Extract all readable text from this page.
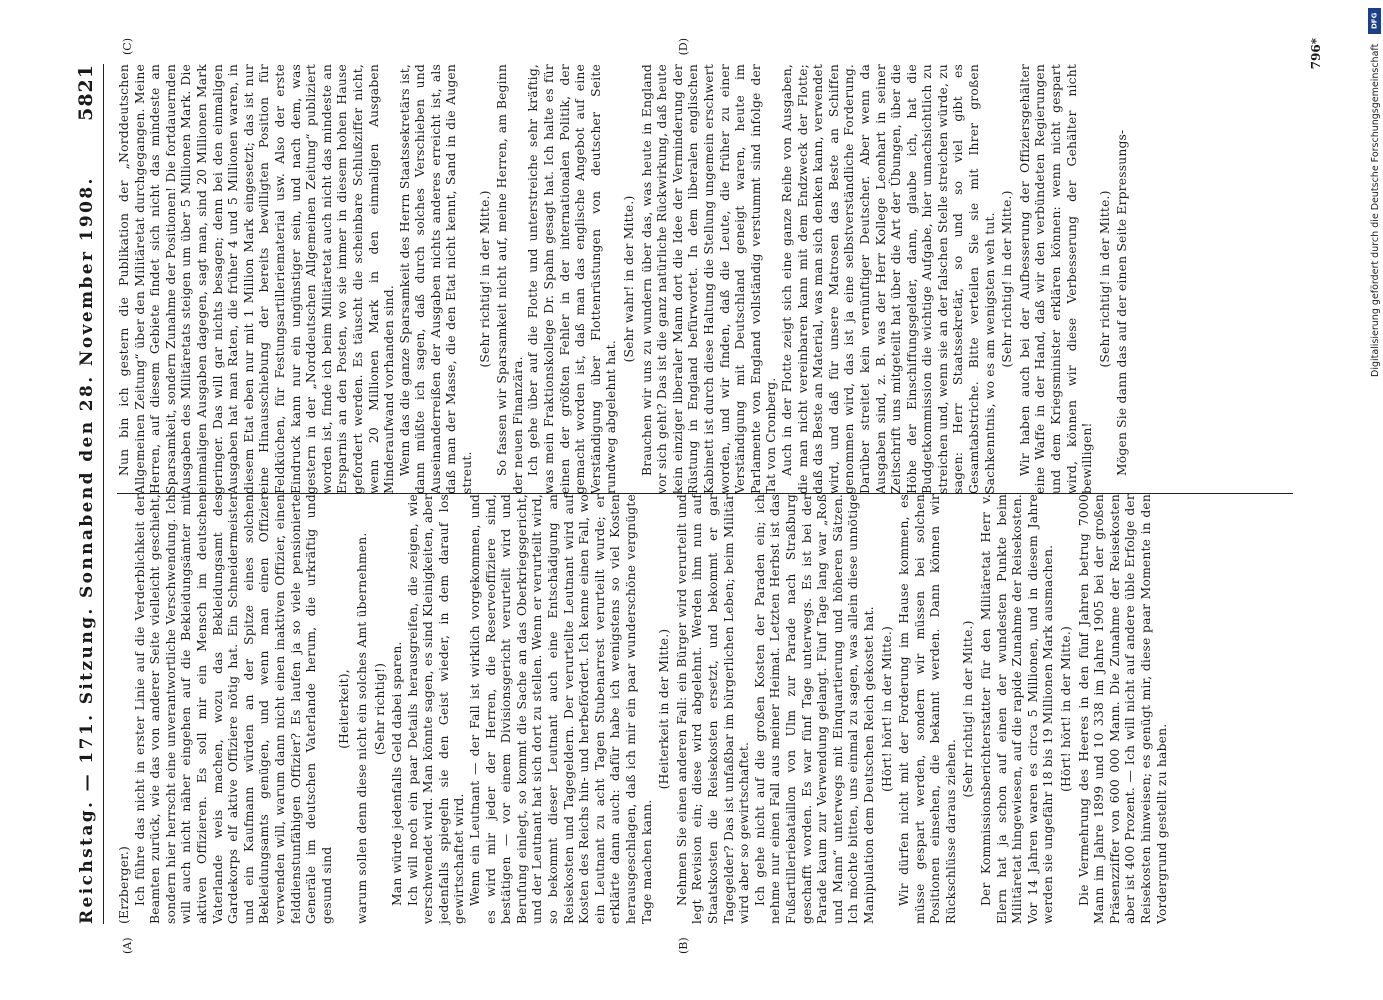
Reichstag. — 171. Sitzung. Sonnabend den 28. November 1908.
5821
(A)	(B)
(C)	(D)

(Erzberger.) Ich führe das nicht in erster Linie auf die Verderblichkeit der Beamten zurück, wie das von anderer Seite vielleicht geschieht, sondern hier herrscht eine unverantwortliche Verschwendung. Ich will auch nicht näher eingehen auf die Bekleidungsämter mit aktiven Offizieren. Es soll mir ein Mensch im deutschen Vaterlande weis machen, wozu das Bekleidungsamt des Gardekorps elf aktive Offiziere nötig hat. Ein Schneidermeister und ein Kaufmann würden an der Spitze eines solchen Bekleidungsamts genügen, und wenn man einen Offizier verwenden will, warum dann nicht einen inaktiven Offizier, einen felddienstunfähigen Offizier? Es laufen ja so viele pensionierte Generäle im deutschen Vaterlande herum, die urkräftig und gesund sind

(Heiterkeit), warum sollen denn diese nicht ein solches Amt übernehmen. (Sehr richtig!) Man würde jedenfalls Geld dabei sparen. Ich will noch ein paar Details herausgreifen, die zeigen, wie verschwendet wird. Man könnte sagen, es sind Kleinigkeiten, aber jedenfalls spiegeln sie den Geist wieder, in dem darauf los gewirtschaftet wird. Wenn ein Leutnant — der Fall ist wirklich vorgekommen, und es wird mir jeder der Herren, die Reserveoffiziere sind, bestätigen — vor einem Divisionsgericht verurteilt wird und Berufung einlegt, so kommt die Sache an das Oberkriegsgericht, und der Leutnant hat sich dort zu stellen. Wenn er verurteilt wird, so bekommt dieser Leutnant auch eine Entschädigung an Reisekosten und Tagegeldern. Der verurteilte Leutnant wird auf Kosten des Reichs hin- und herbefördert. Ich kenne einen Fall, wo ein Leutnant zu acht Tagen Stubenarrest verurteilt wurde; er erklärte dann auch: dafür habe ich wenigstens so viel Kosten herausgeschlagen, daß ich mir ein paar wunderschöne vergnügte Tage machen kann.

(Heiterkeit in der Mitte.) Nehmen Sie einen anderen Fall: ein Bürger wird verurteilt und legt Revision ein; diese wird abgelehnt. Werden ihm nun auf Staatskosten die Reisekosten ersetzt, und bekommt er gar Tagegelder? Das ist unfaßbar im bürgerlichen Leben; beim Militär wird aber so gewirtschaftet. Ich gehe nicht auf die großen Kosten der Paraden ein; ich nehme nur einen Fall aus meiner Heimat. Letzten Herbst ist das Fußartilleriebataillon von Ulm zur Parade nach Straßburg geschafft worden. Es war fünf Tage unterwegs. Es ist bei der Parade kaum zur Verwendung gelangt. Fünf Tage lang war „Roß und Mann“ unterwegs mit Einquartierung und höheren Sätzen. Ich möchte bitten, uns einmal zu sagen, was allein diese unnötige Manipulation dem Deutschen Reich gekostet hat. (Hört! hört! in der Mitte.) Wir dürfen nicht mit der Forderung im Hause kommen, es müsse gespart werden, sondern wir müssen bei solchen Positionen einsehen, die bekannt werden. Dann können wir Rückschlüsse daraus ziehen.

(Sehr richtig! in der Mitte.) Der Kommissionsberichterstatter für den Militäretat Herr v. Elern hat ja schon auf einen der wundesten Punkte beim Militäretat hingewiesen, auf die rapide Zunahme der Reisekosten. Vor 14 Jahren waren es circa 5 Millionen, und in diesem Jahre werden sie ungefähr 18 bis 19 Millionen Mark ausmachen. (Hört! hört! in der Mitte.) Die Vermehrung des Heeres in den fünf Jahren betrug 7000 Mann im Jahre 1899 und 10 338 im Jahre 1905 bei der großen Präsenzziffer von 600 000 Mann. Die Zunahme der Reisekosten aber ist 400 Prozent. — Ich will nicht auf andere üble Erfolge der Reisekosten hinweisen; es genügt mir, diese paar Momente in den Vordergrund gestellt zu haben.

Nun bin ich gestern die Publikation der „Norddeutschen Allgemeinen Zeitung“ über den Militäretat durchgegangen. Meine Herren, auf diesem Gebiete findet sich nicht das mindeste an Sparsamkeit, sondern Zunahme der Positionen! Die fortdauernden Ausgaben des Militäretats steigen um über 5 Millionen Mark. Die einmaligen Ausgaben dagegen, sagt man, sind 20 Millionen Mark geringer. Das will gar nichts besagen; denn bei den einmaligen Ausgaben hat man Raten, die früher 4 und 5 Millionen waren, in diesem Etat eben nur mit 1 Million Mark eingesetzt; das ist nur eine Hinausschiebung der bereits bewilligten Position für Feldküchen, für Festungsartilleriematerial usw. Also der erste Eindruck kann nur ein ungünstiger sein, und nach dem, was gestern in der „Norddeutschen Allgemeinen Zeitung“ publiziert worden ist, finde ich beim Militäretat auch nicht das mindeste an Ersparnis an den Posten, wo sie immer in diesem hohen Hause gefordert werden. Es täuscht die scheinbare Schlußziffer nicht, wenn 20 Millionen Mark in den einmaligen Ausgaben Minderaufwand vorhanden sind. Wenn das die ganze Sparsamkeit des Herrn Staatssekretärs ist, dann müßte ich sagen, daß durch solches Verschieben und Auseinanderreißen der Ausgaben nichts anderes erreicht ist, als daß man der Masse, die den Etat nicht kennt, Sand in die Augen streut.

(Sehr richtig! in der Mitte.) So fassen wir Sparsamkeit nicht auf, meine Herren, am Beginn der neuen Finanzära. Ich gehe über auf die Flotte und unterstreiche sehr kräftig, was mein Fraktionskollege Dr. Spahn gesagt hat. Ich halte es für einen der größten Fehler in der internationalen Politik, der gemacht worden ist, daß man das englische Angebot auf eine Verständigung über Flottenrüstungen von deutscher Seite rundweg abgelehnt hat.

(Sehr wahr! in der Mitte.) Brauchen wir uns zu wundern über das, was heute in England vor sich geht? Das ist die ganz natürliche Rückwirkung, daß heute kein einziger liberaler Mann dort die Idee der Verminderung der Rüstung in England befürwortet. In dem liberalen englischen Kabinett ist durch diese Haltung die Stellung ungemein erschwert worden, und wir finden, daß die Leute, die früher zu einer Verständigung mit Deutschland geneigt waren, heute im Parlamente von England vollständig verstummt sind infolge der Tat von Cronberg. Auch in der Flotte zeigt sich eine ganze Reihe von Ausgaben, die man nicht vereinbaren kann mit dem Endzweck der Flotte; daß das Beste an Material, was man sich denken kann, verwendet wird, und daß für unsere Matrosen das Beste an Schiffen genommen wird, das ist ja eine selbstverständliche Forderung. Darüber streitet kein vernünftiger Deutscher. Aber wenn da Ausgaben sind, z. B. was der Herr Kollege Leonhart in seiner Zeitschrift uns mitgeteilt hat über die Art der Übungen, über die Höhe der Einschiffungsgelder, dann, glaube ich, hat die Budgetkommission die wichtige Aufgabe, hier unnachsichtlich zu streichen und, wenn sie an der falschen Stelle streichen würde, zu sagen: Herr Staatssekretär, so und so viel gibt es Gesamtabstriche. Bitte verteilen Sie sie mit Ihrer großen Sachkenntnis, wo es am wenigsten weh tut. (Sehr richtig! in der Mitte.) Wir haben auch bei der Aufbesserung der Offiziersgehälter eine Waffe in der Hand, daß wir den verbündeten Regierungen und dem Kriegsminister erklären können: wenn nicht gespart wird, können wir diese Verbesserung der Gehälter nicht bewilligen!

(Sehr richtig! in der Mitte.) Mögen Sie dann das auf der einen Seite Erpressungs-

796*
DFG
Digitalisierung gefördert durch die Deutsche Forschungsgemeinschaft
